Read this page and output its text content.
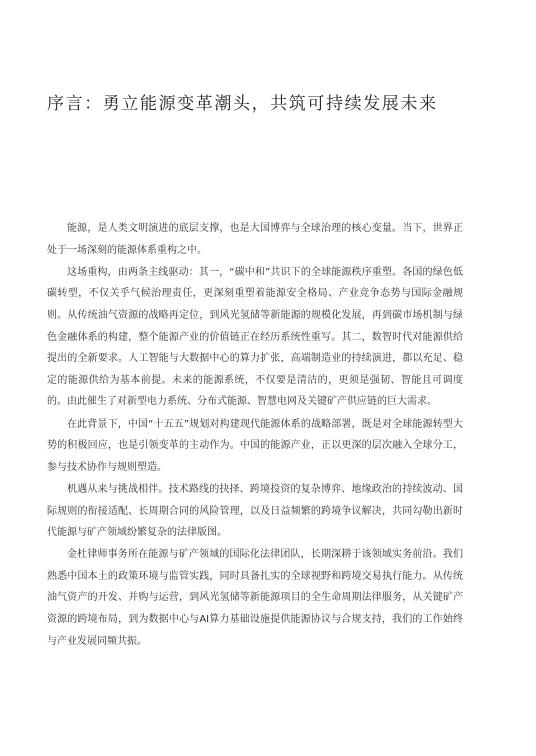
序言：勇立能源变革潮头，共筑可持续发展未来

能源，是人类文明演进的底层支撑，也是大国博弈与全球治理的核心变量。当下，世界正处于一场深刻的能源体系重构之中。

这场重构，由两条主线驱动：其一，“碳中和”共识下的全球能源秩序重塑。各国的绿色低碳转型，不仅关乎气候治理责任，更深刻重塑着能源安全格局、产业竞争态势与国际金融规则。从传统油气资源的战略再定位，到风光氢储等新能源的规模化发展，再到碳市场机制与绿色金融体系的构建，整个能源产业的价值链正在经历系统性重写。其二，数智时代对能源供给提出的全新要求。人工智能与大数据中心的算力扩张，高端制造业的持续演进，都以充足、稳定的能源供给为基本前提。未来的能源系统，不仅要是清洁的，更须是强韧、智能且可调度的。由此催生了对新型电力系统、分布式能源、智慧电网及关键矿产供应链的巨大需求。

在此背景下，中国“十五五”规划对构建现代能源体系的战略部署，既是对全球能源转型大势的积极回应，也是引领变革的主动作为。中国的能源产业，正以更深的层次融入全球分工，参与技术协作与规则塑造。

机遇从来与挑战相伴。技术路线的抉择、跨境投资的复杂博弈、地缘政治的持续波动、国际规则的衔接适配、长周期合同的风险管理，以及日益频繁的跨境争议解决，共同勾勒出新时代能源与矿产领域纷繁复杂的法律版图。

金杜律师事务所在能源与矿产领域的国际化法律团队，长期深耕于该领域实务前沿。我们熟悉中国本土的政策环境与监管实践，同时具备扎实的全球视野和跨境交易执行能力。从传统油气资产的开发、并购与运营，到风光氢储等新能源项目的全生命周期法律服务，从关键矿产资源的跨境布局，到为数据中心与AI算力基础设施提供能源协议与合规支持，我们的工作始终与产业发展同频共振。
